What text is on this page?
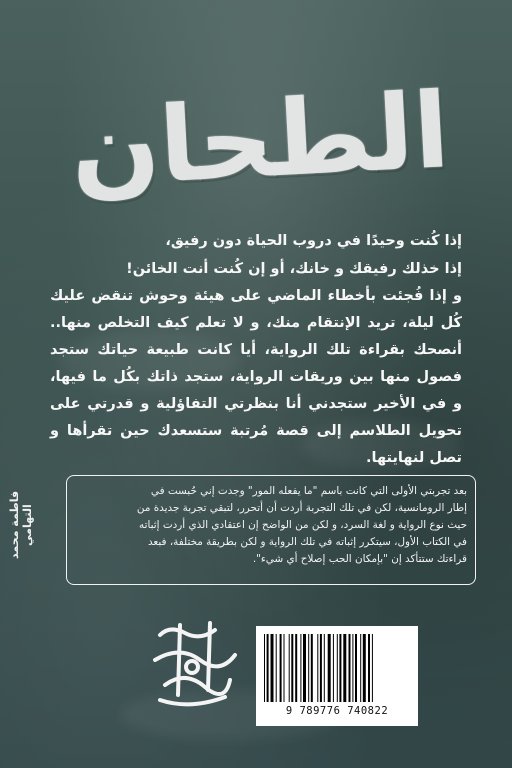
الطحان
إذا كُنت وحيدًا في دروب الحياة دون رفيق،
إذا خذلك رفيقك و خانك، أو إن كُنت أنت الخائن!
و إذا فُجئت بأخطاء الماضي على هيئة وحوش تنقض عليك كُل ليلة، تريد الإنتقام منك، و لا تعلم كيف التخلص منها.. أنصحك بقراءة تلك الرواية، أيا كانت طبيعة حياتك ستجد فصول منها بين وريقات الرواية، ستجد ذاتك بكُل ما فيها، و في الأخير ستجدني أنا بنظرتي التفاؤلية و قدرتي على تحويل الطلاسم إلى قصة مُرتبة ستسعدك حين تقرأها و تصل لنهايتها.
فاطمة محمد التهامي
بعد تجربتي الأولى التي كانت باسم "ما يفعله المور" وجدت إني حُبست في
إطار الرومانسية، لكن في تلك التجربة أردت أن أتحرر، لتبقي تجربة جديدة من
حيث نوع الرواية و لغة السرد، و لكن من الواضح إن اعتقادي الذي أردت إثباته
في الكتاب الأول، سيتكرر إثباته في تلك الرواية و لكن بطريقة مختلفة، فبعد
قراءتك ستتأكد إن "بإمكان الحب إصلاح أي شيء".
9 789776 740822
